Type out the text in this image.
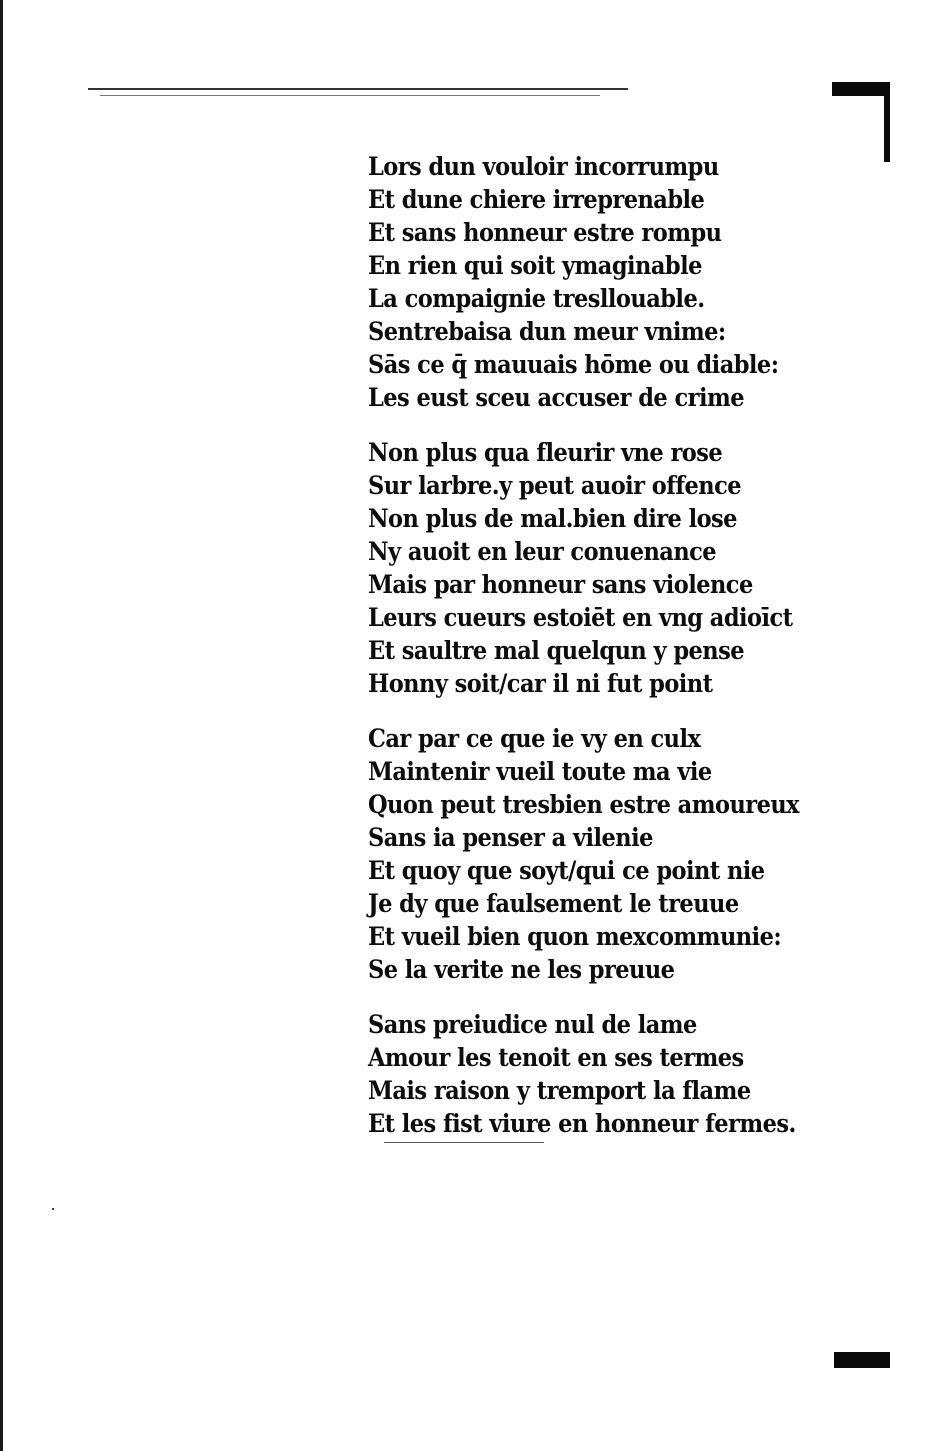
Lors dun vouloir incorrumpu
Et dune chiere irreprenable
Et sans honneur estre rompu
En rien qui soit ymaginable
La compaignie tresllouable.
Sentrebaisa dun meur vnime:
Sās ce q̄ mauuais hōme ou diable:
Les eust sceu accuser de crime
Non plus qua fleurir vne rose
Sur larbre.y peut auoir offence
Non plus de mal.bien dire lose
Ny auoit en leur conuenance
Mais par honneur sans violence
Leurs cueurs estoiēt en vng adioīct
Et saultre mal quelqun y pense
Honny soit/car il ni fut point
Car par ce que ie vy en culx
Maintenir vueil toute ma vie
Quon peut tresbien estre amoureux
Sans ia penser a vilenie
Et quoy que soyt/qui ce point nie
Je dy que faulsement le treuue
Et vueil bien quon mexcommunie:
Se la verite ne les preuue
Sans preiudice nul de lame
Amour les tenoit en ses termes
Mais raison y tremport la flame
Et les fist viure en honneur fermes.
